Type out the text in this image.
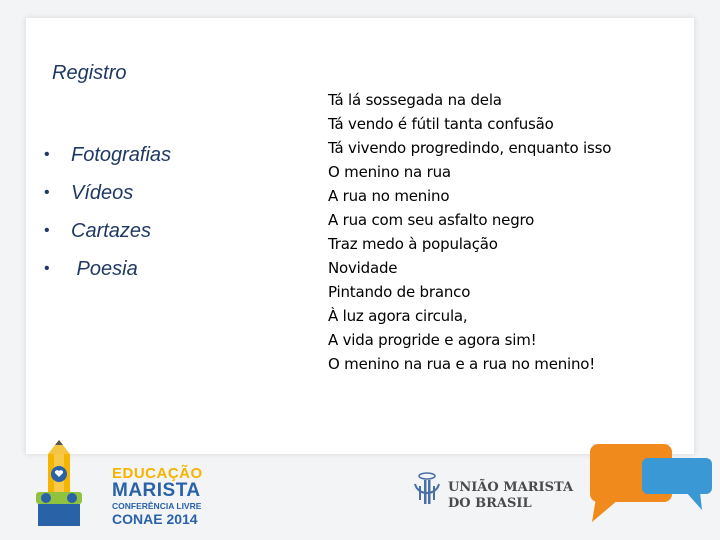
Registro
•	Fotografias
•	Vídeos
•	Cartazes
•	Poesia
Tá lá sossegada na dela
Tá vendo é fútil tanta confusão
Tá vivendo progredindo, enquanto isso
O menino na rua
A rua no menino
A rua com seu asfalto negro
Traz medo à população
Novidade
Pintando de branco
À luz agora circula,
A vida progride e agora sim!
O menino na rua e a rua no menino!
EDUCAÇÃO
MARISTA
CONFERÊNCIA LIVRE
CONAE 2014
UNIÃO MARISTA
DO BRASIL
